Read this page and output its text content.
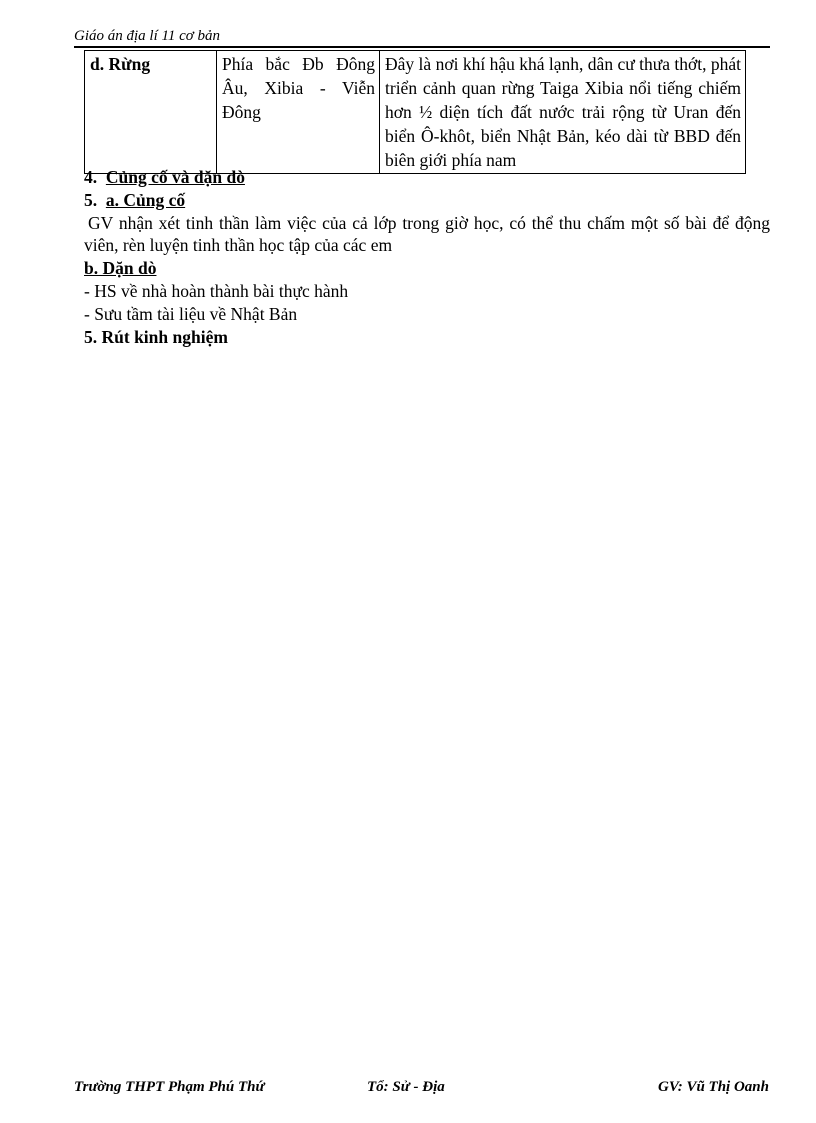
Giáo án địa lí 11 cơ bản
d. Rừng	Phía bắc Đb Đông Âu, Xibia - Viễn Đông	Đây là nơi khí hậu khá lạnh, dân cư thưa thớt, phát triển cảnh quan rừng Taiga Xibia nổi tiếng chiếm hơn ½ diện tích đất nước trải rộng từ Uran đến biển Ô-khôt, biển Nhật Bản, kéo dài từ BBD đến biên giới phía nam

4. Củng cố và dặn dò

5. a. Củng cố

GV nhận xét tinh thần làm việc của cả lớp trong giờ học, có thể thu chấm một số bài để động viên, rèn luyện tinh thần học tập của các em

b. Dặn dò

- HS về nhà hoàn thành bài thực hành

- Sưu tầm tài liệu về Nhật Bản

5. Rút kinh nghiệm

Trường THPT Phạm Phú Thứ	Tổ: Sử - Địa	GV: Vũ Thị Oanh
